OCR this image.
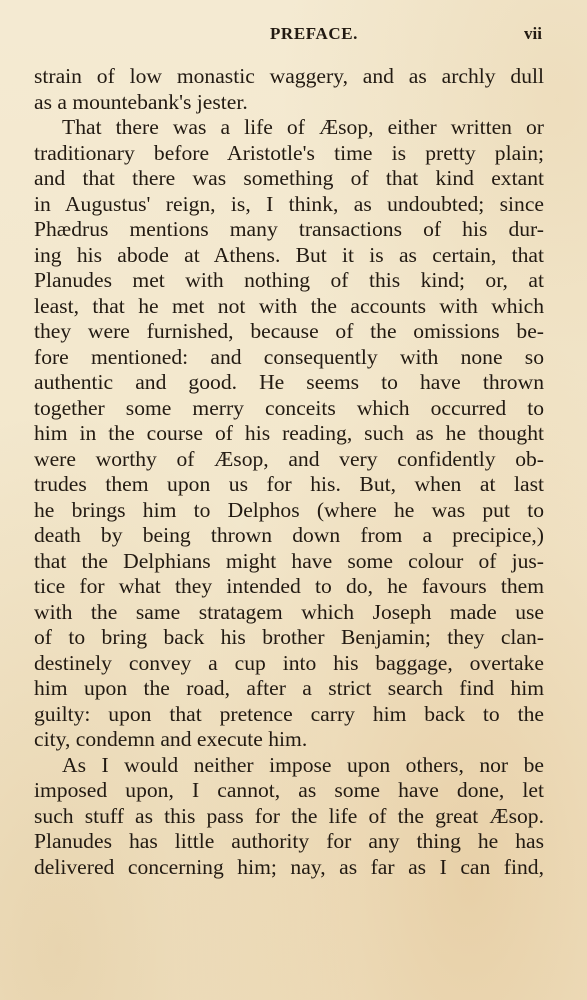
PREFACE.	vii
strain of low monastic waggery, and as archly dull
as a mountebank's jester.
That there was a life of Æsop, either written or
traditionary before Aristotle's time is pretty plain;
and that there was something of that kind extant
in Augustus' reign, is, I think, as undoubted; since
Phædrus mentions many transactions of his dur-
ing his abode at Athens. But it is as certain, that
Planudes met with nothing of this kind; or, at
least, that he met not with the accounts with which
they were furnished, because of the omissions be-
fore mentioned: and consequently with none so
authentic and good. He seems to have thrown
together some merry conceits which occurred to
him in the course of his reading, such as he thought
were worthy of Æsop, and very confidently ob-
trudes them upon us for his. But, when at last
he brings him to Delphos (where he was put to
death by being thrown down from a precipice,)
that the Delphians might have some colour of jus-
tice for what they intended to do, he favours them
with the same stratagem which Joseph made use
of to bring back his brother Benjamin; they clan-
destinely convey a cup into his baggage, overtake
him upon the road, after a strict search find him
guilty: upon that pretence carry him back to the
city, condemn and execute him.
As I would neither impose upon others, nor be
imposed upon, I cannot, as some have done, let
such stuff as this pass for the life of the great Æsop.
Planudes has little authority for any thing he has
delivered concerning him; nay, as far as I can find,
